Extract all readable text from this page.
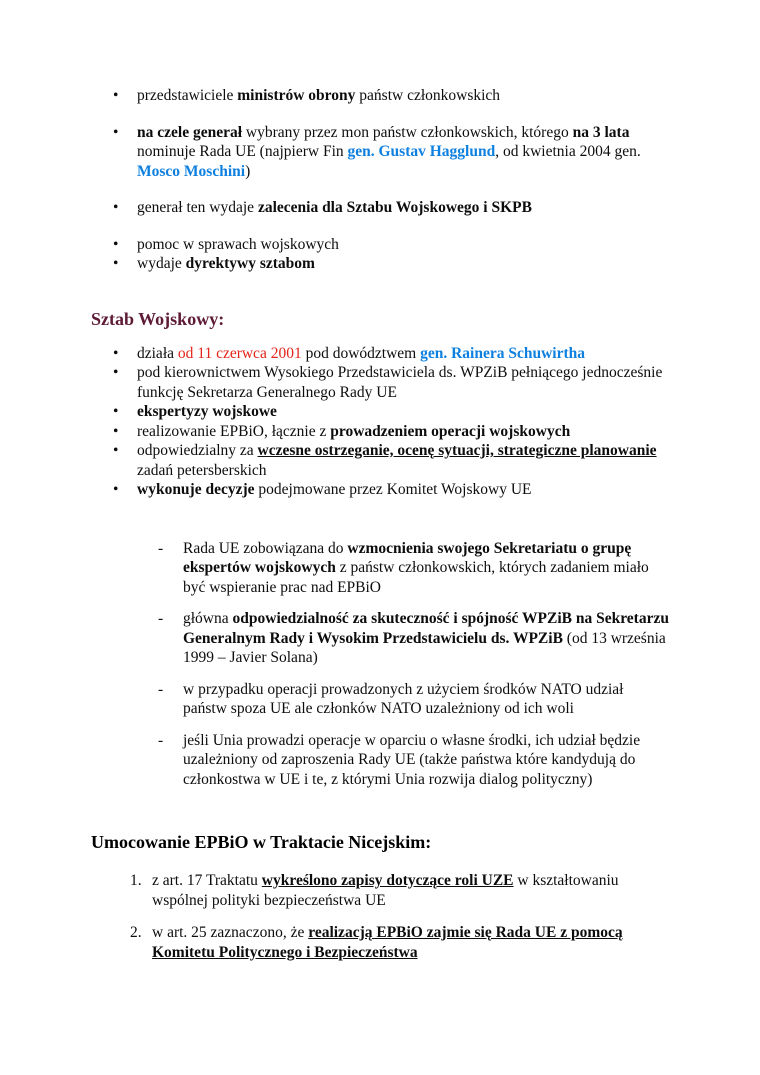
• przedstawiciele ministrów obrony państw członkowskich
• na czele generał wybrany przez mon państw członkowskich, którego na 3 lata nominuje Rada UE (najpierw Fin gen. Gustav Hagglund, od kwietnia 2004 gen. Mosco Moschini)
• generał ten wydaje zalecenia dla Sztabu Wojskowego i SKPB
• pomoc w sprawach wojskowych
• wydaje dyrektywy sztabom
Sztab Wojskowy:
• działa od 11 czerwca 2001 pod dowództwem gen. Rainera Schuwirtha
• pod kierownictwem Wysokiego Przedstawiciela ds. WPZiB pełniącego jednocześnie funkcję Sekretarza Generalnego Rady UE
• ekspertyzy wojskowe
• realizowanie EPBiO, łącznie z prowadzeniem operacji wojskowych
• odpowiedzialny za wczesne ostrzeganie, ocenę sytuacji, strategiczne planowanie zadań petersberskich
• wykonuje decyzje podejmowane przez Komitet Wojskowy UE
- Rada UE zobowiązana do wzmocnienia swojego Sekretariatu o grupę ekspertów wojskowych z państw członkowskich, których zadaniem miało być wspieranie prac nad EPBiO
- główna odpowiedzialność za skuteczność i spójność WPZiB na Sekretarzu Generalnym Rady i Wysokim Przedstawicielu ds. WPZiB (od 13 września 1999 – Javier Solana)
- w przypadku operacji prowadzonych z użyciem środków NATO udział państw spoza UE ale członków NATO uzależniony od ich woli
- jeśli Unia prowadzi operacje w oparciu o własne środki, ich udział będzie uzależniony od zaproszenia Rady UE (także państwa które kandydują do członkostwa w UE i te, z którymi Unia rozwija dialog polityczny)
Umocowanie EPBiO w Traktacie Nicejskim:
1. z art. 17 Traktatu wykreślono zapisy dotyczące roli UZE w kształtowaniu wspólnej polityki bezpieczeństwa UE
2. w art. 25 zaznaczono, że realizacją EPBiO zajmie się Rada UE z pomocą Komitetu Politycznego i Bezpieczeństwa
